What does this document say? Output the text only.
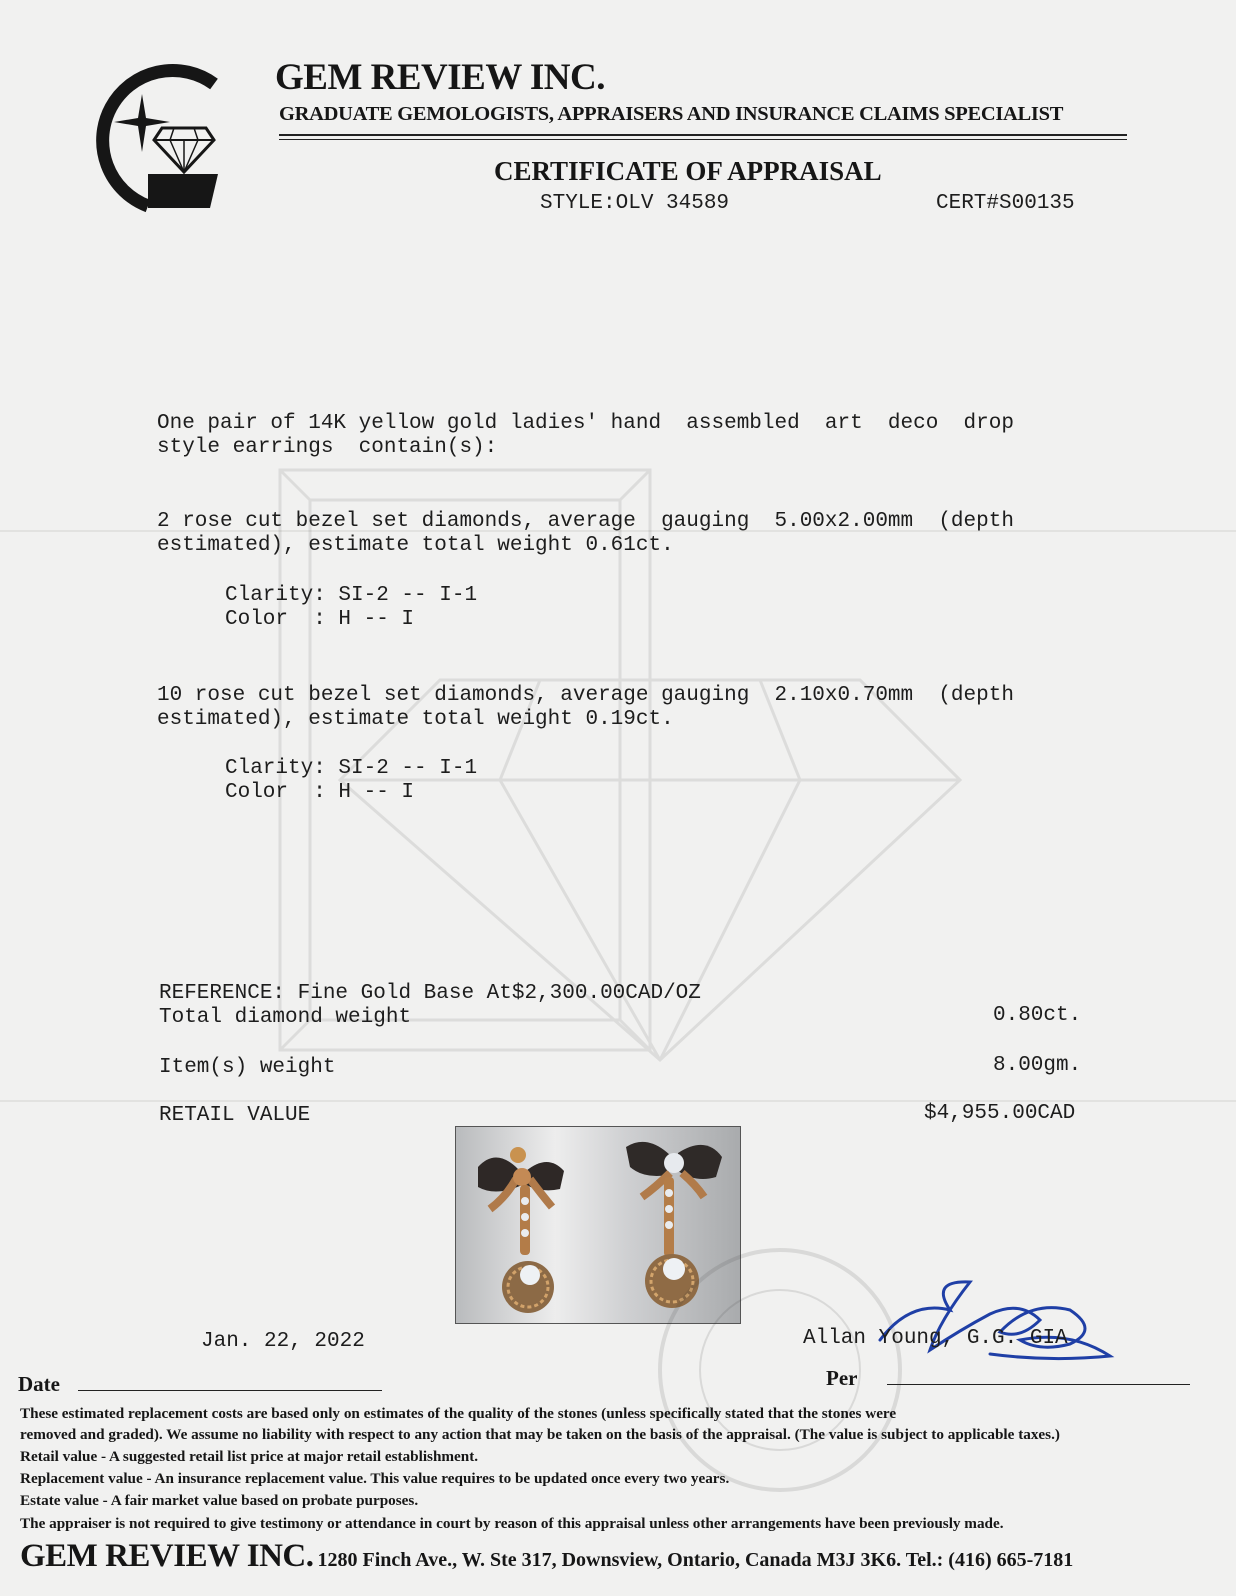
GEM REVIEW INC.
GRADUATE GEMOLOGISTS, APPRAISERS AND INSURANCE CLAIMS SPECIALIST
CERTIFICATE OF APPRAISAL
STYLE:OLV 34589	CERT#S00135
One pair of 14K yellow gold ladies' hand  assembled  art  deco  drop
style earrings  contain(s):
2 rose cut bezel set diamonds, average  gauging  5.00x2.00mm  (depth
estimated), estimate total weight 0.61ct.
Clarity: SI-2 -- I-1
Color  : H -- I
10 rose cut bezel set diamonds, average gauging  2.10x0.70mm  (depth
estimated), estimate total weight 0.19ct.
Clarity: SI-2 -- I-1
Color  : H -- I
REFERENCE: Fine Gold Base At$2,300.00CAD/OZ
Total diamond weight	0.80ct.
Item(s) weight	8.00gm.
RETAIL VALUE	$4,955.00CAD
Jan. 22, 2022	Allan Young, G.G. GIA
Date	Per
These estimated replacement costs are based only on estimates of the quality of the stones (unless specifically stated that the stones were
removed and graded). We assume no liability with respect to any action that may be taken on the basis of the appraisal. (The value is subject to applicable taxes.)
Retail value - A suggested retail list price at major retail establishment.
Replacement value - An insurance replacement value. This value requires to be updated once every two years.
Estate value - A fair market value based on probate purposes.
The appraiser is not required to give testimony or attendance in court by reason of this appraisal unless other arrangements have been previously made.
GEM REVIEW INC. 1280 Finch Ave., W. Ste 317, Downsview, Ontario, Canada M3J 3K6. Tel.: (416) 665-7181
